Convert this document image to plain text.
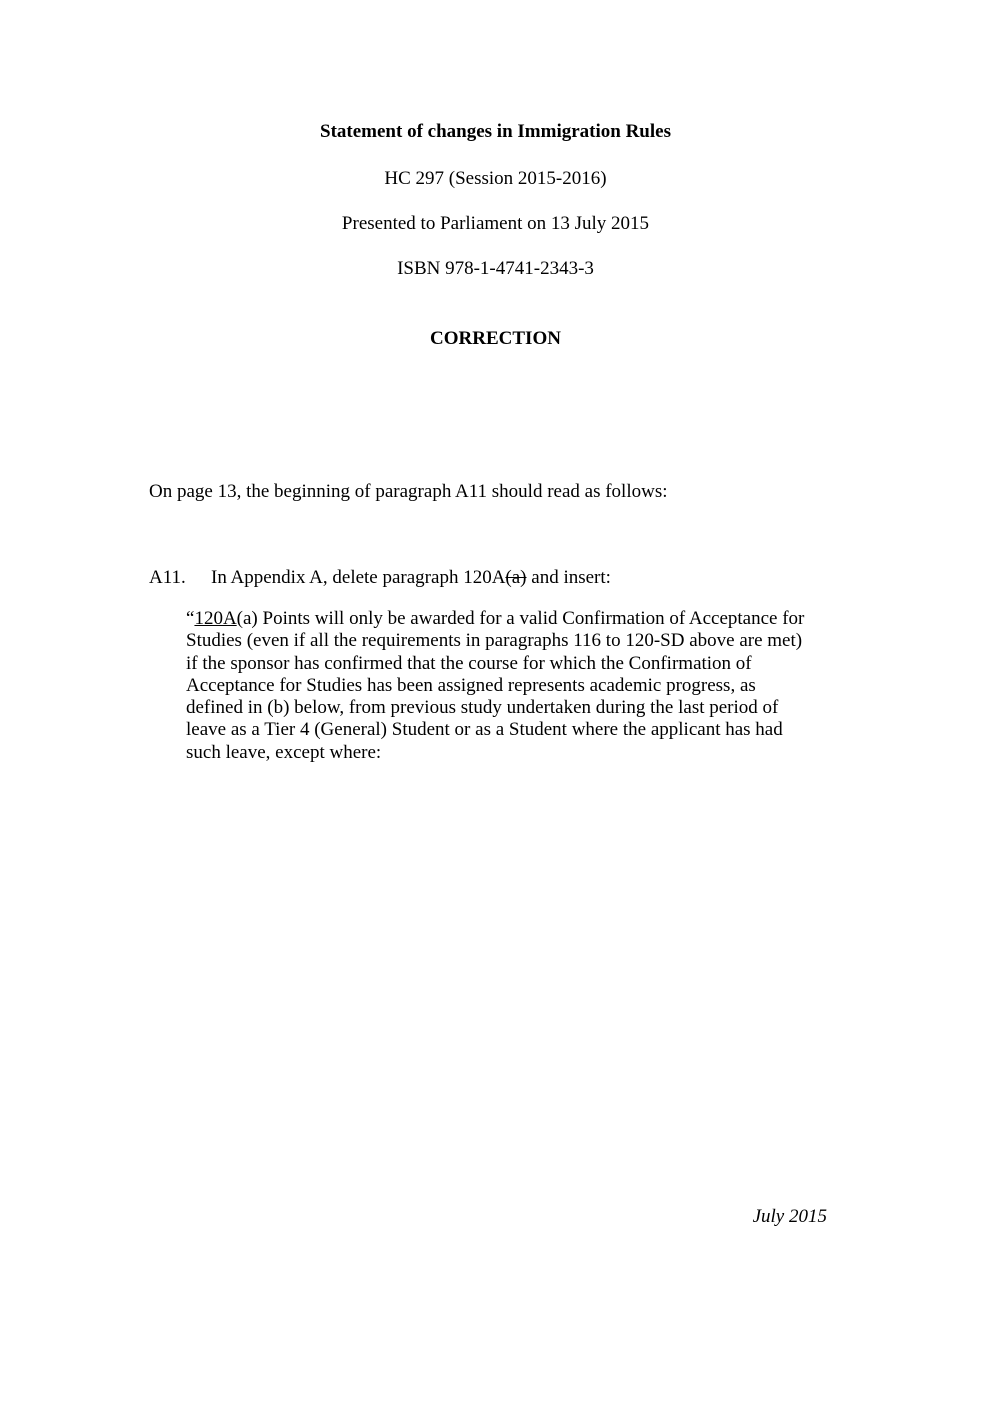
Statement of changes in Immigration Rules
HC 297 (Session 2015-2016)
Presented to Parliament on 13 July 2015
ISBN 978-1-4741-2343-3
CORRECTION
On page 13, the beginning of paragraph A11 should read as follows:
A11. In Appendix A, delete paragraph 120A(a) and insert:
“120A(a) Points will only be awarded for a valid Confirmation of Acceptance for
Studies (even if all the requirements in paragraphs 116 to 120-SD above are met)
if the sponsor has confirmed that the course for which the Confirmation of
Acceptance for Studies has been assigned represents academic progress, as
defined in (b) below, from previous study undertaken during the last period of
leave as a Tier 4 (General) Student or as a Student where the applicant has had
such leave, except where:
July 2015
